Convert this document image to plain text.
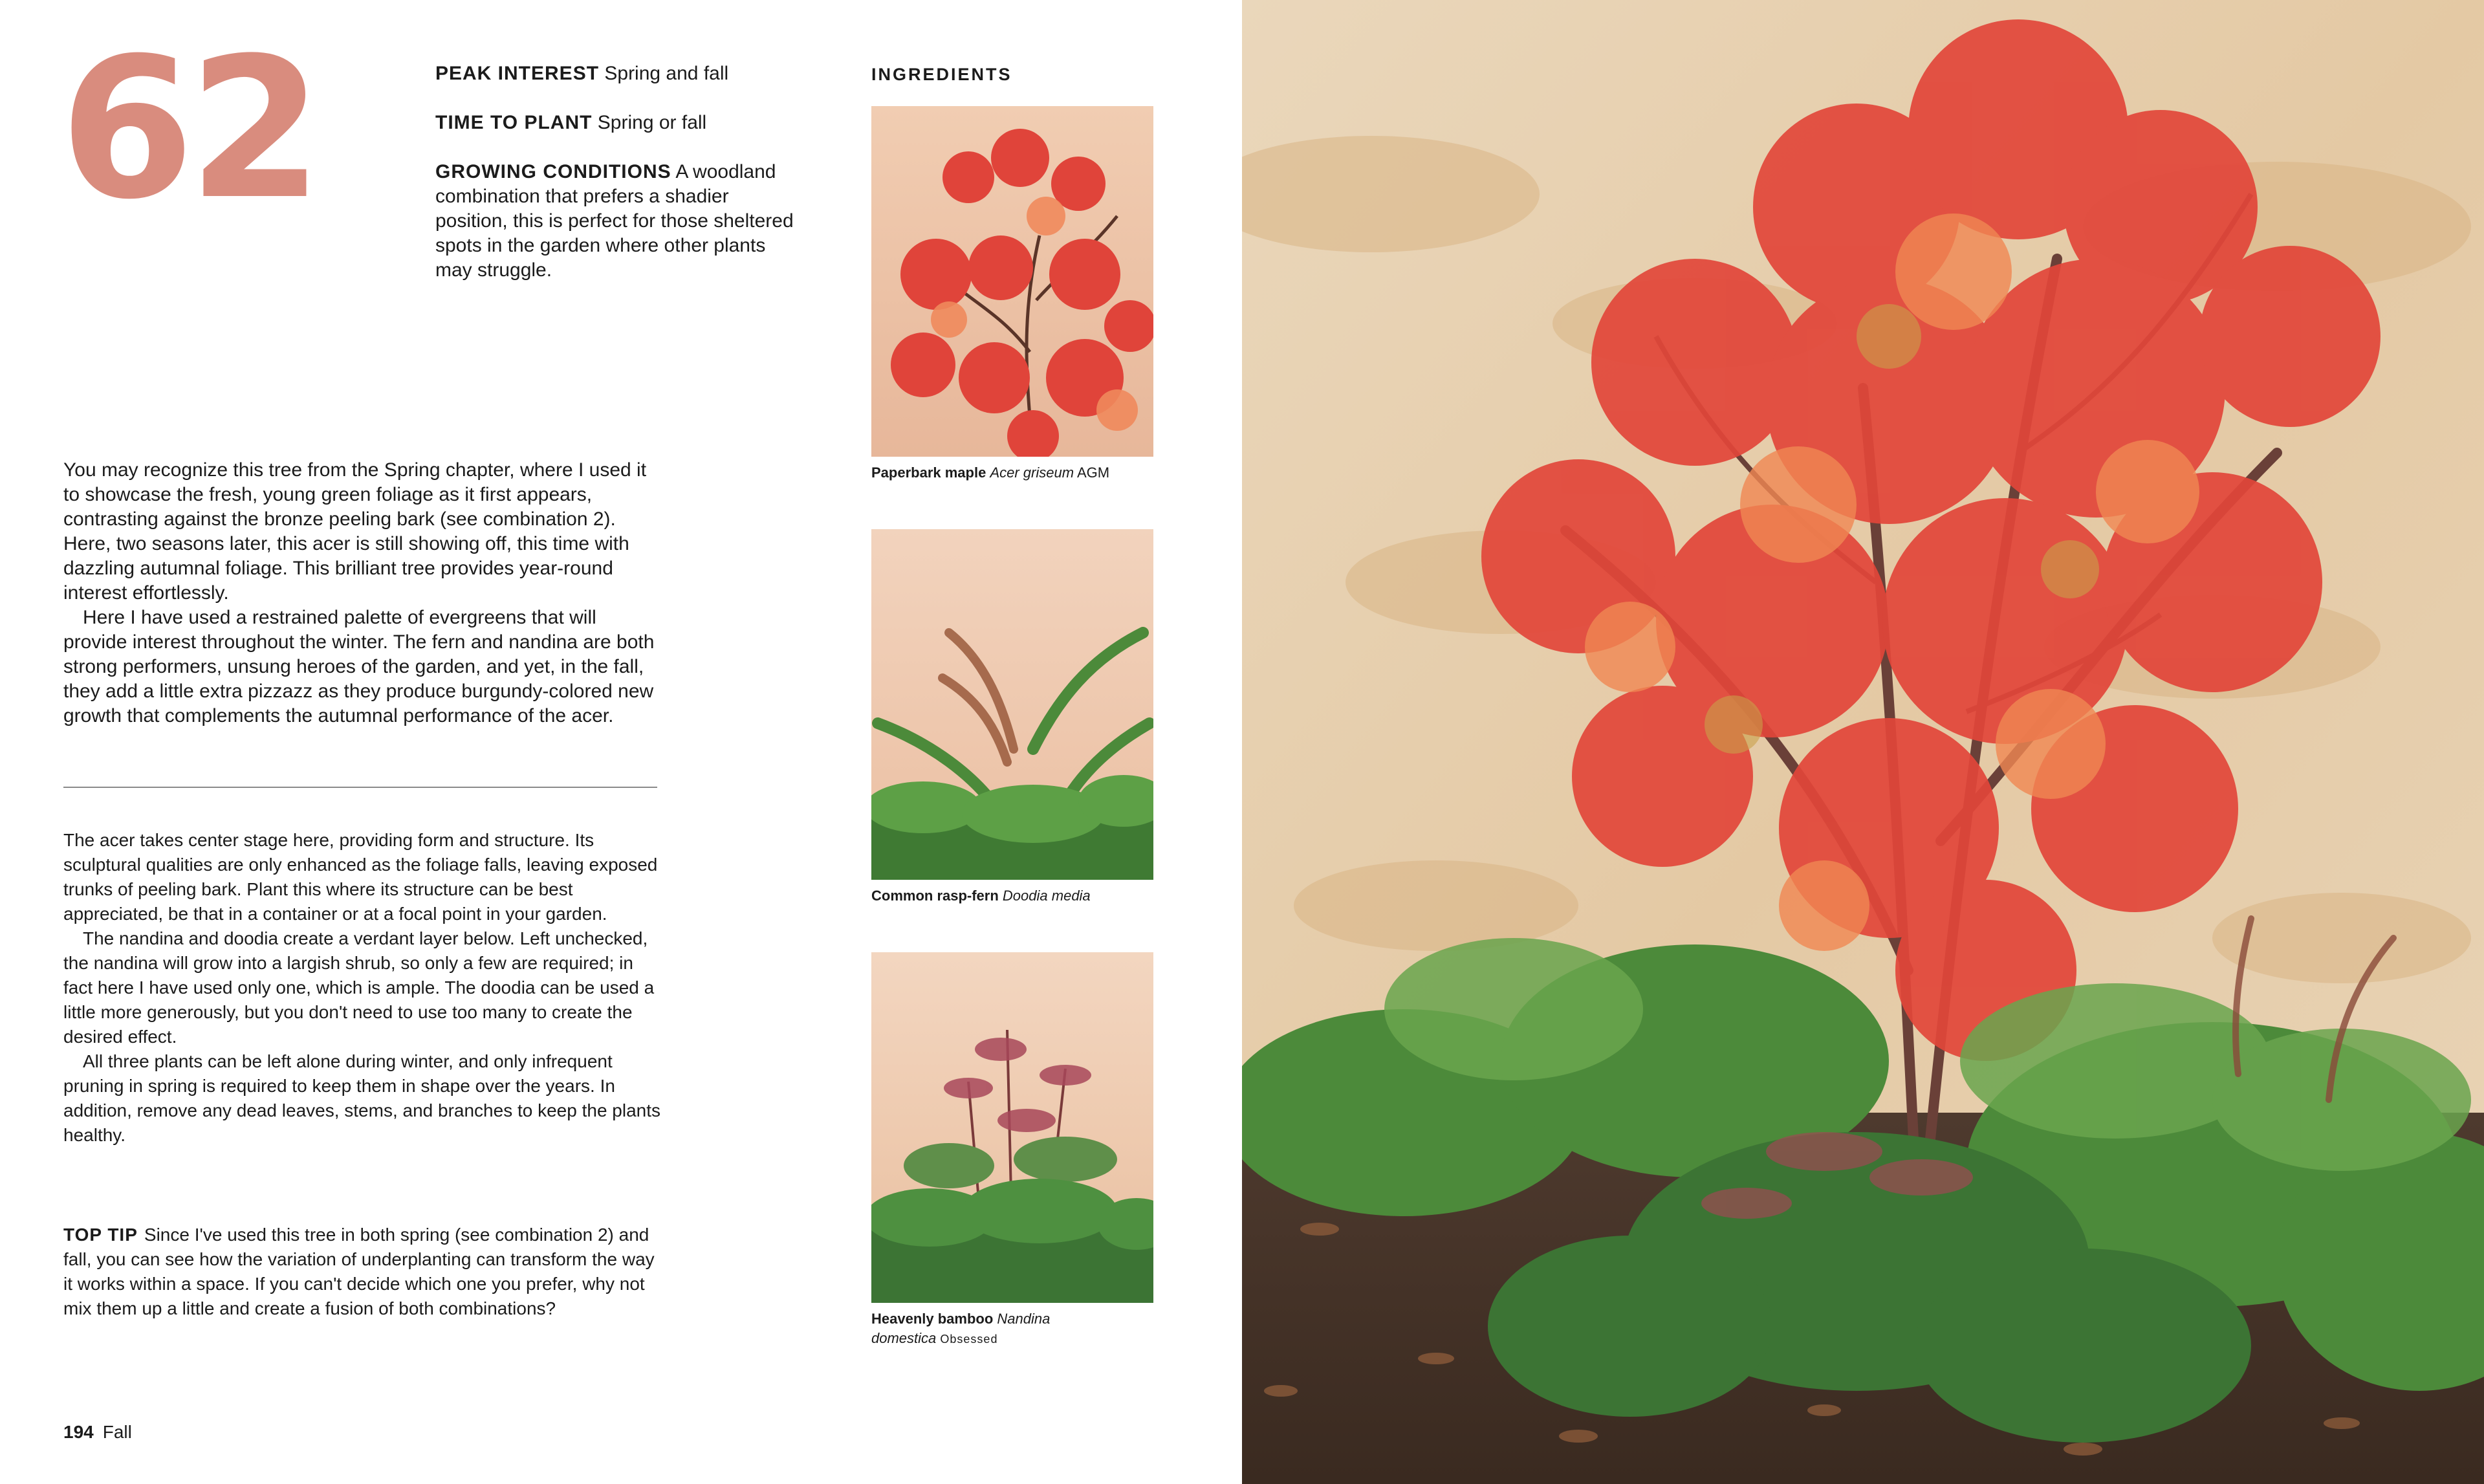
62	PEAK INTEREST Spring and fall

TIME TO PLANT Spring or fall

GROWING CONDITIONS A woodland combination that prefers a shadier position, this is perfect for those sheltered spots in the garden where other plants may struggle.

You may recognize this tree from the Spring chapter, where I used it to showcase the fresh, young green foliage as it first appears, contrasting against the bronze peeling bark (see combination 2). Here, two seasons later, this acer is still showing off, this time with dazzling autumnal foliage. This brilliant tree provides year-round interest effortlessly.

Here I have used a restrained palette of evergreens that will provide interest throughout the winter. The fern and nandina are both strong performers, unsung heroes of the garden, and yet, in the fall, they add a little extra pizzazz as they produce burgundy-colored new growth that complements the autumnal performance of the acer.

The acer takes center stage here, providing form and structure. Its sculptural qualities are only enhanced as the foliage falls, leaving exposed trunks of peeling bark. Plant this where its structure can be best appreciated, be that in a container or at a focal point in your garden.

The nandina and doodia create a verdant layer below. Left unchecked, the nandina will grow into a largish shrub, so only a few are required; in fact here I have used only one, which is ample. The doodia can be used a little more generously, but you don't need to use too many to create the desired effect.

All three plants can be left alone during winter, and only infrequent pruning in spring is required to keep them in shape over the years. In addition, remove any dead leaves, stems, and branches to keep the plants healthy.

TOP TIP Since I've used this tree in both spring (see combination 2) and fall, you can see how the variation of underplanting can transform the way it works within a space. If you can't decide which one you prefer, why not mix them up a little and create a fusion of both combinations?
194 Fall
INGREDIENTS
Paperbark maple Acer griseum AGM
Common rasp-fern Doodia media
Heavenly bamboo Nandina
domestica Obsessed
